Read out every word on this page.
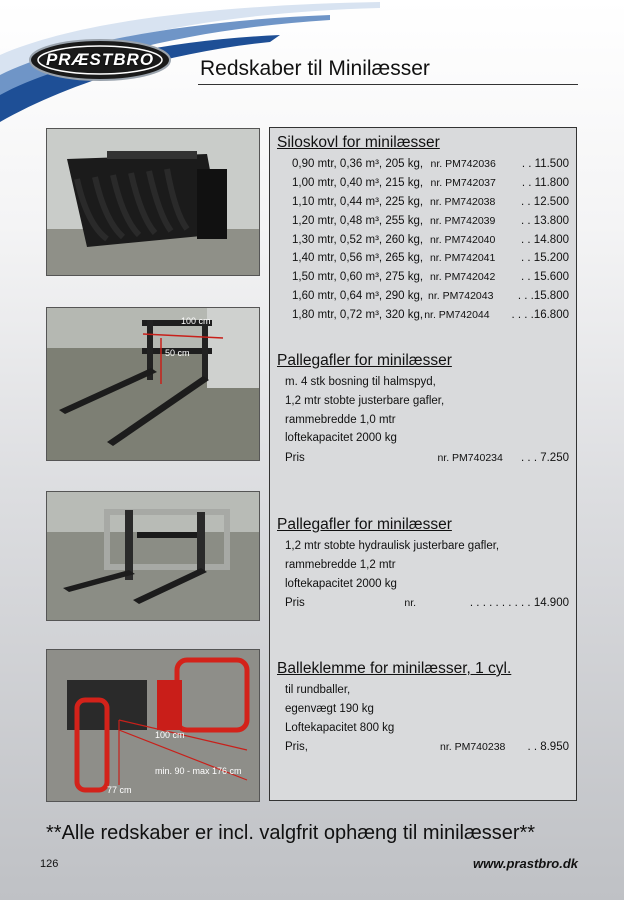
PRÆSTBRO	Redskaber til Minilæsser
100 cm
50 cm
100 cm
min. 90 - max 176 cm
77 cm
Siloskovl for minilæsser
0,90 mtr, 0,36 m³, 205 kg, nr. PM742036	. . 11.500
1,00 mtr, 0,40 m³, 215 kg, nr. PM742037	. . 11.800
1,10 mtr, 0,44 m³, 225 kg, nr. PM742038	. . 12.500
1,20 mtr, 0,48 m³, 255 kg, nr. PM742039	. . 13.800
1,30 mtr, 0,52 m³, 260 kg, nr. PM742040	. . 14.800
1,40 mtr, 0,56 m³, 265 kg, nr. PM742041	. . 15.200
1,50 mtr, 0,60 m³, 275 kg, nr. PM742042	. . 15.600
1,60 mtr, 0,64 m³, 290 kg, nr. PM742043	. . .15.800
1,80 mtr, 0,72 m³, 320 kg, nr. PM742044	. . . .16.800
Pallegafler for minilæsser
m. 4 stk bosning til halmspyd,
1,2 mtr stobte justerbare gafler,
rammebredde 1,0 mtr
loftekapacitet 2000 kg
Pris	nr. PM740234	. . . 7.250
Pallegafler for minilæsser
1,2 mtr stobte hydraulisk justerbare gafler,
rammebredde 1,2 mtr
loftekapacitet 2000 kg
Pris	nr.	. . . . . . . . . . 14.900
Balleklemme for minilæsser, 1 cyl.
til rundballer,
egenvægt 190 kg
Loftekapacitet 800 kg
Pris,	nr. PM740238	. . 8.950
**Alle redskaber er incl. valgfrit ophæng til minilæsser**
126	www.prastbro.dk
